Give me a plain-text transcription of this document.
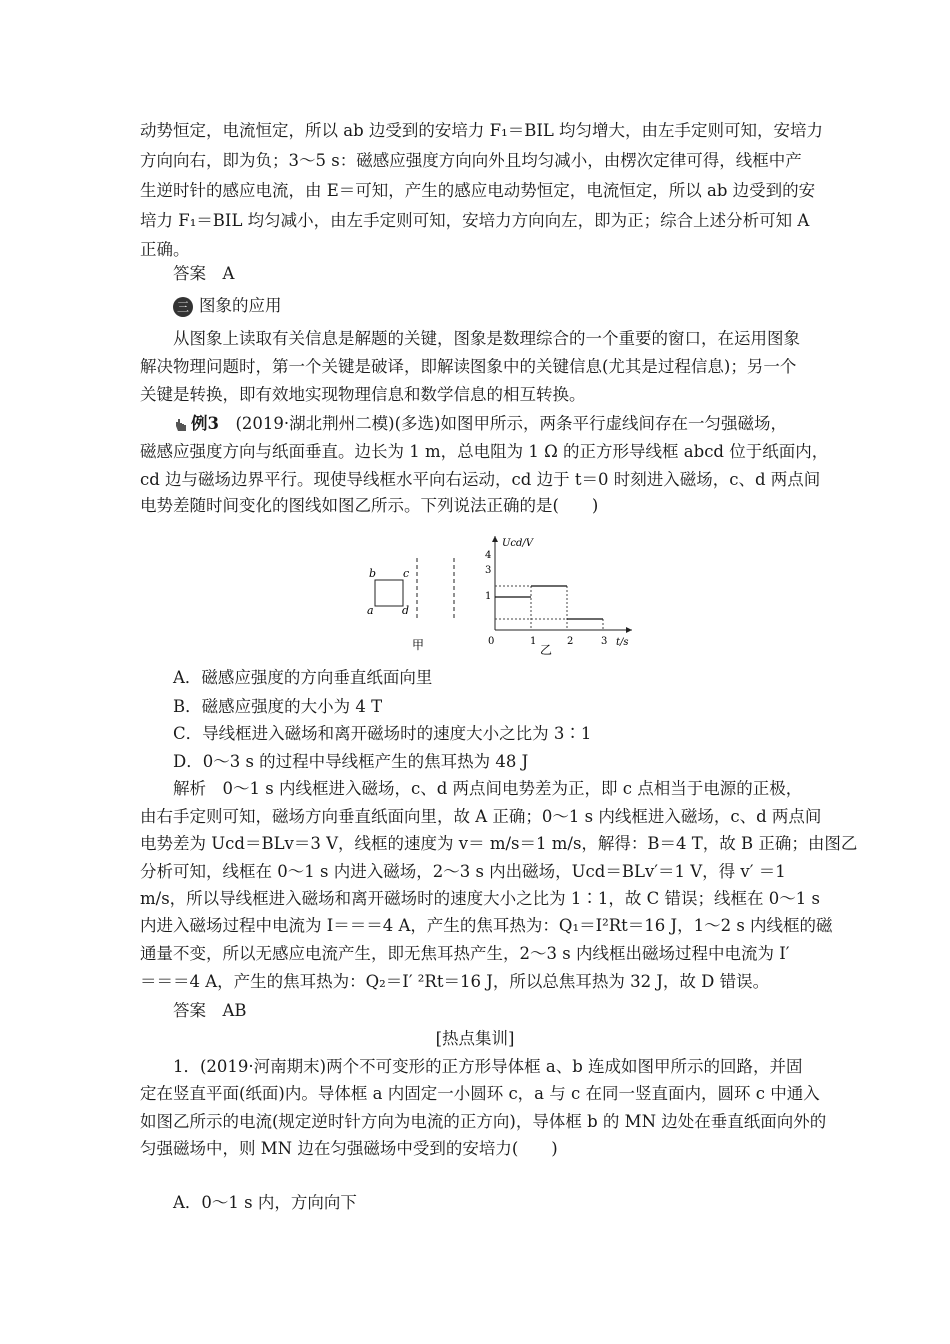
动势恒定，电流恒定，所以 ab 边受到的安培力 F₁＝BIL 均匀增大，由左手定则可知，安培力
方向向右，即为负；3～5 s：磁感应强度方向向外且均匀减小，由楞次定律可得，线框中产
生逆时针的感应电流，由 E＝可知，产生的感应电动势恒定，电流恒定，所以 ab 边受到的安
培力 F₁＝BIL 均匀减小，由左手定则可知，安培力方向向左，即为正；综合上述分析可知 A
正确。
答案　 A
三 图象的应用
从图象上读取有关信息是解题的关键，图象是数理综合的一个重要的窗口，在运用图象
解决物理问题时，第一个关键是破译，即解读图象中的关键信息(尤其是过程信息)；另一个
关键是转换，即有效地实现物理信息和数学信息的相互转换。
例3　 (2019·湖北荆州二模)(多选)如图甲所示，两条平行虚线间存在一匀强磁场，
磁感应强度方向与纸面垂直。边长为 1 m，总电阻为 1 Ω 的正方形导线框 abcd 位于纸面内，
cd 边与磁场边界平行。现使导线框水平向右运动，cd 边于 t＝0 时刻进入磁场，c、d 两点间
电势差随时间变化的图线如图乙所示。下列说法正确的是(　　)
b c
a	d
甲
Ucd/V
t/s
0
4
3
1
1	2	3
乙
A．磁感应强度的方向垂直纸面向里
B．磁感应强度的大小为 4 T
C．导线框进入磁场和离开磁场时的速度大小之比为 3∶1
D．0～3 s 的过程中导线框产生的焦耳热为 48 J
解析　0～1 s 内线框进入磁场，c、d 两点间电势差为正，即 c 点相当于电源的正极，
由右手定则可知，磁场方向垂直纸面向里，故 A 正确；0～1 s 内线框进入磁场，c、d 两点间
电势差为 Ucd＝BLv＝3 V，线框的速度为 v＝ m/s＝1 m/s，解得：B＝4 T，故 B 正确；由图乙
分析可知，线框在 0～1 s 内进入磁场，2～3 s 内出磁场，Ucd＝BLv′＝1 V，得 v′ ＝1
m/s，所以导线框进入磁场和离开磁场时的速度大小之比为 1∶1，故 C 错误；线框在 0～1 s
内进入磁场过程中电流为 I＝＝＝4 A，产生的焦耳热为：Q₁＝I²Rt＝16 J，1～2 s 内线框的磁
通量不变，所以无感应电流产生，即无焦耳热产生，2～3 s 内线框出磁场过程中电流为 I′
＝＝＝4 A，产生的焦耳热为：Q₂＝I′ ²Rt＝16 J，所以总焦耳热为 32 J，故 D 错误。
答案　 AB
[热点集训]
1．(2019·河南期末)两个不可变形的正方形导体框 a、b 连成如图甲所示的回路，并固
定在竖直平面(纸面)内。导体框 a 内固定一小圆环 c，a 与 c 在同一竖直面内，圆环 c 中通入
如图乙所示的电流(规定逆时针方向为电流的正方向)，导体框 b 的 MN 边处在垂直纸面向外的
匀强磁场中，则 MN 边在匀强磁场中受到的安培力(　　)
A．0～1 s 内，方向向下
